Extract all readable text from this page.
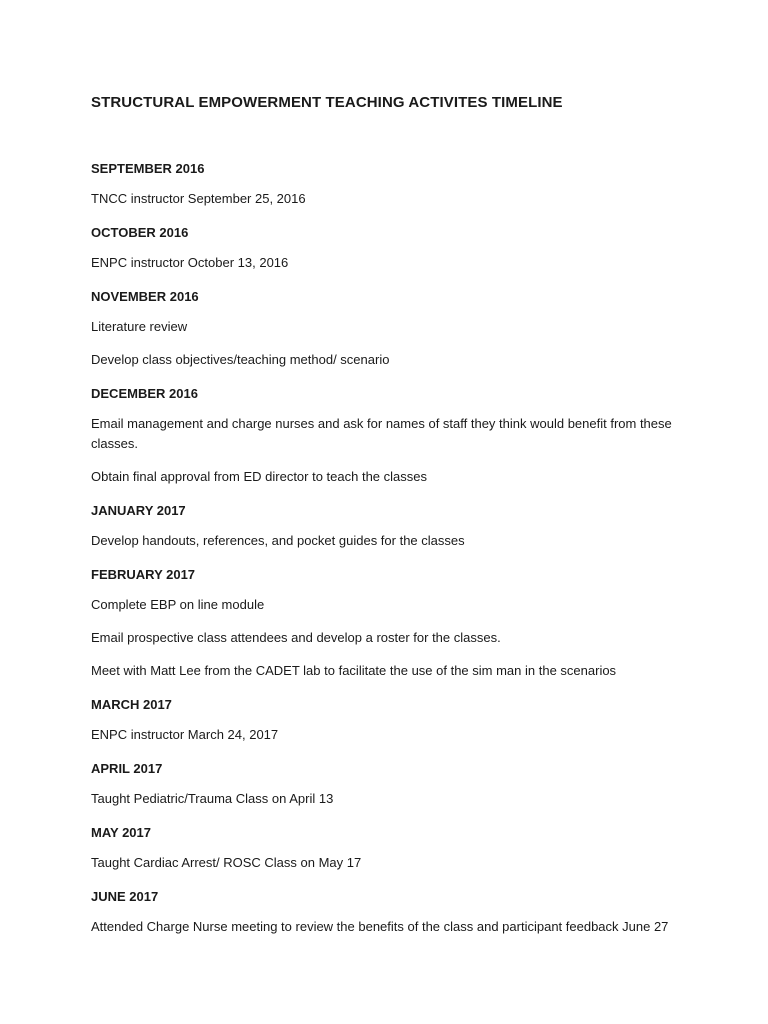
STRUCTURAL EMPOWERMENT TEACHING ACTIVITES TIMELINE

SEPTEMBER 2016

TNCC instructor September 25, 2016

OCTOBER 2016

ENPC instructor October 13, 2016

NOVEMBER 2016

Literature review

Develop class objectives/teaching method/ scenario

DECEMBER 2016

Email management and charge nurses and ask for names of staff they think would benefit from these classes.

Obtain final approval from ED director to teach the classes

JANUARY 2017

Develop handouts, references, and pocket guides for the classes

FEBRUARY 2017

Complete EBP on line module

Email prospective class attendees and develop a roster for the classes.

Meet with Matt Lee from the CADET lab to facilitate the use of the sim man in the scenarios

MARCH 2017

ENPC instructor March 24, 2017

APRIL 2017

Taught Pediatric/Trauma Class on April 13

MAY 2017

Taught Cardiac Arrest/ ROSC Class on May 17

JUNE 2017

Attended Charge Nurse meeting to review the benefits of the class and participant feedback June 27
